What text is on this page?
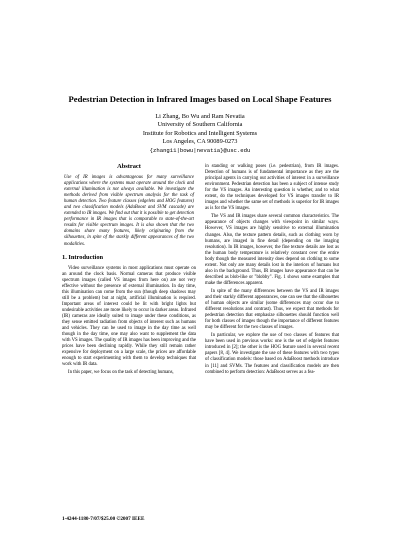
Pedestrian Detection in Infrared Images based on Local Shape Features
Li Zhang, Bo Wu and Ram Nevatia
University of Southern California
Institute for Robotics and Intelligent Systems
Los Angeles, CA 90089-0273
{zhang11|bowu|nevatia}@usc.edu
Abstract
Use of IR images is advantageous for many surveillance applications where the systems must operate around the clock and external illumination is not always available. We investigate the methods derived from visible spectrum analysis for the task of human detection. Two feature classes (edgelets and HOG features) and two classification models (AdaBoost and SVM cascade) are extended to IR images. We find out that it is possible to get detection performance in IR images that is comparable to state-of-the-art results for visible spectrum images. It is also shown that the two domains share many features, likely originating from the silhouettes, in spite of the starkly different appearances of the two modalities.
1. Introduction

Video surveillance systems in most applications must operate on an around the clock basis. Normal cameras that produce visible spectrum images (called VS images from here on) are not very effective without the presence of external illumination. In day time, this illumination can come from the sun (though deep shadows may still be a problem) but at night, artificial illumination is required. Important areas of interest could be lit with bright lights but undesirable activities are more likely to occur in darker areas. Infrared (IR) cameras are ideally suited to image under these conditions, as they sense emitted radiation from objects of interest such as humans and vehicles. They can be used to image in the day time as well though in the day time, one may also want to supplement the data with VS images. The quality of IR images has been improving and the prices have been declining rapidly. While they still remain rather expensive for deployment on a large scale, the prices are affordable enough to start experimenting with them to develop techniques that work with IR data.

In this paper, we focus on the task of detecting humans,

in standing or walking poses (i.e. pedestrian), from IR images. Detection of humans is of fundamental importance as they are the principal agents in carrying out activities of interest in a surveillance environment. Pedestrian detection has been a subject of intense study for the VS images. An interesting question is whether, and to what extent, do the techniques developed for VS images transfer to IR images and whether the same set of methods is superior for IR images as is for the VS images.

The VS and IR images share several common characteristics. The appearance of objects changes with viewpoint in similar ways. However, VS images are highly sensitive to external illumination changes. Also, the texture pattern details, such as clothing worn by humans, are imaged in fine detail (depending on the imaging resolution). In IR images, however, the fine texture details are lost as the human body temperature is relatively constant over the entire body though the measured intensity does depend on clothing to some extent. Not only are many details lost in the interiors of humans but also in the background. Thus, IR images have appearance that can be described as blob-like or "blobby". Fig. 1 shows some examples that make the differences apparent.

In spite of the many differences between the VS and IR images and their starkly different appearances, one can see that the silhouettes of human objects are similar (some differences may occur due to different resolutions and contrast). Thus, we expect that methods for pedestrian detection that emphasize silhouettes should function well for both classes of images though the importance of different features may be different for the two classes of images.

In particular, we explore the use of two classes of features that have been used in previous works: one is the set of edgelet features introduced in [2]; the other is the HOG feature used in several recent papers [8, 4]. We investigate the use of these features with two types of classification models: those based on AdaBoost methods introduce in [11] and SVMs. The features and classification models are then combined to perform detection: AdaBoost serves as a fea-

1-4244-1180-7/07/$25.00 ©2007 IEEE
